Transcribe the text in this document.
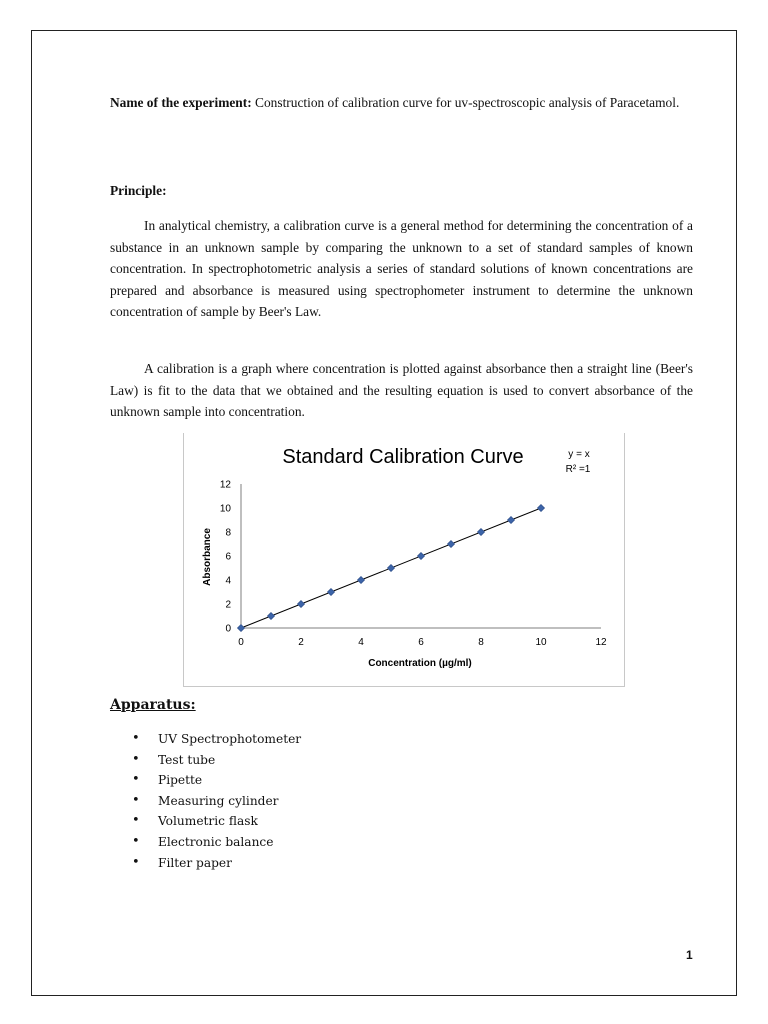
Name of the experiment: Construction of calibration curve for uv-spectroscopic analysis of Paracetamol.
Principle:
In analytical chemistry, a calibration curve is a general method for determining the concentration of a substance in an unknown sample by comparing the unknown to a set of standard samples of known concentration. In spectrophotometric analysis a series of standard solutions of known concentrations are prepared and absorbance is measured using spectrophometer instrument to determine the unknown concentration of sample by Beer's Law.
A calibration is a graph where concentration is plotted against absorbance then a straight line (Beer's Law) is fit to the data that we obtained and the resulting equation is used to convert absorbance of the unknown sample into concentration.
Standard Calibration Curve	y = x
R² =1
0
2
4
6
8
10
12
0	2	4	6	8	10	12
Concentration (µg/ml)
Absorbance
Apparatus:
• UV Spectrophotometer
• Test tube
• Pipette
• Measuring cylinder
• Volumetric flask
• Electronic balance
• Filter paper
1
